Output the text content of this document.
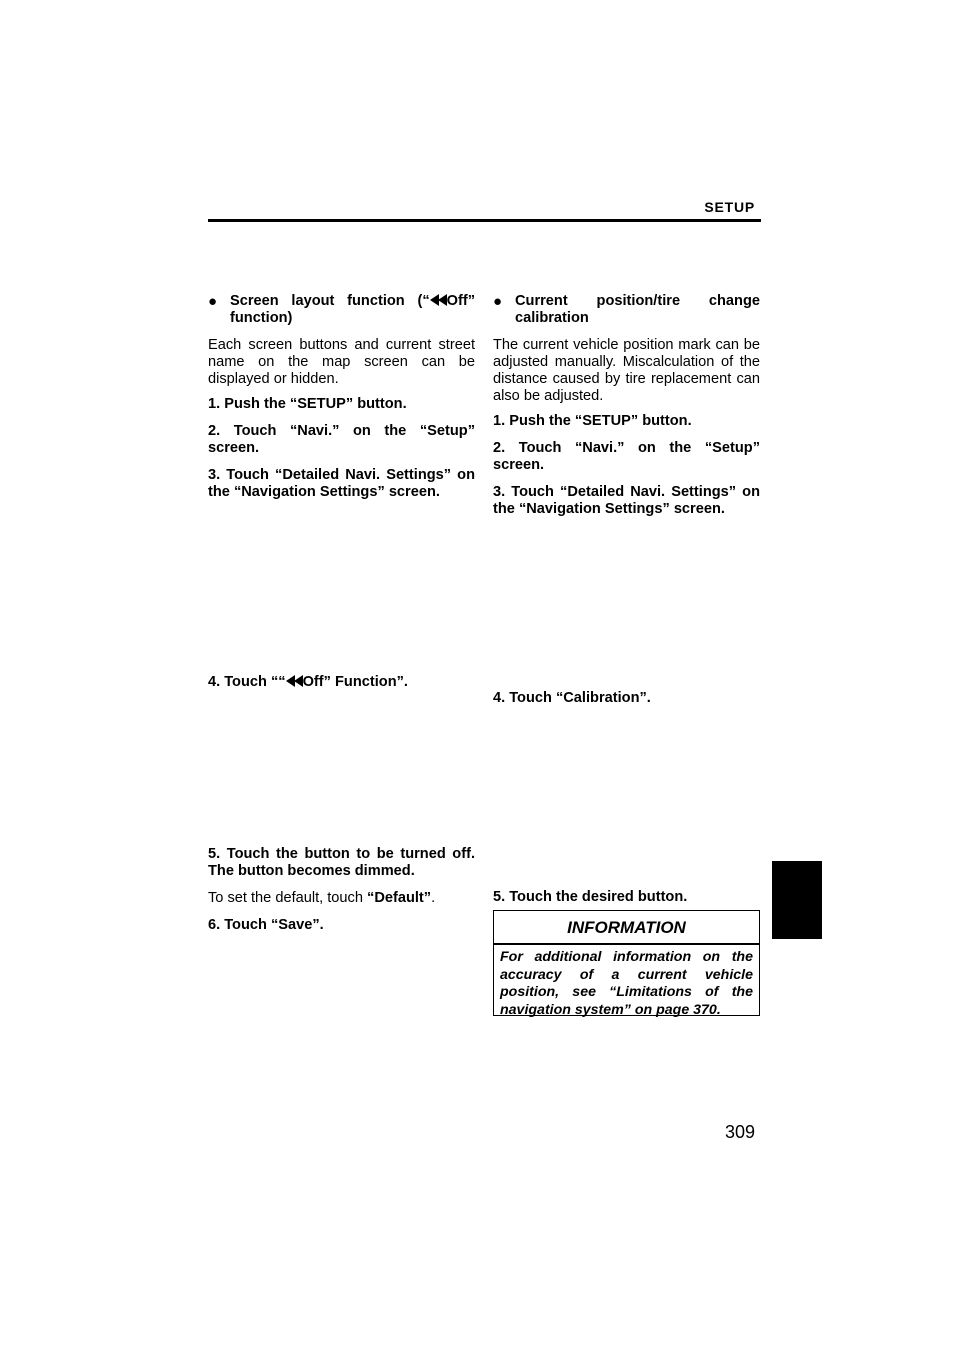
SETUP
● Screen layout function (“ Off” function)
Each screen buttons and current street name on the map screen can be displayed or hidden.
1. Push the “SETUP” button.
2. Touch “Navi.” on the “Setup” screen.
3. Touch “Detailed Navi. Settings” on the “Navigation Settings” screen.
4. Touch ““ Off” Function”.
5. Touch the button to be turned off. The button becomes dimmed.
To set the default, touch “Default”.
6. Touch “Save”.
● Current position/tire change calibration
The current vehicle position mark can be adjusted manually. Miscalculation of the distance caused by tire replacement can also be adjusted.
1. Push the “SETUP” button.
2. Touch “Navi.” on the “Setup” screen.
3. Touch “Detailed Navi. Settings” on the “Navigation Settings” screen.
4. Touch “Calibration”.
5. Touch the desired button.
INFORMATION
For additional information on the accuracy of a current vehicle position, see “Limitations of the navigation system” on page 370.
309
